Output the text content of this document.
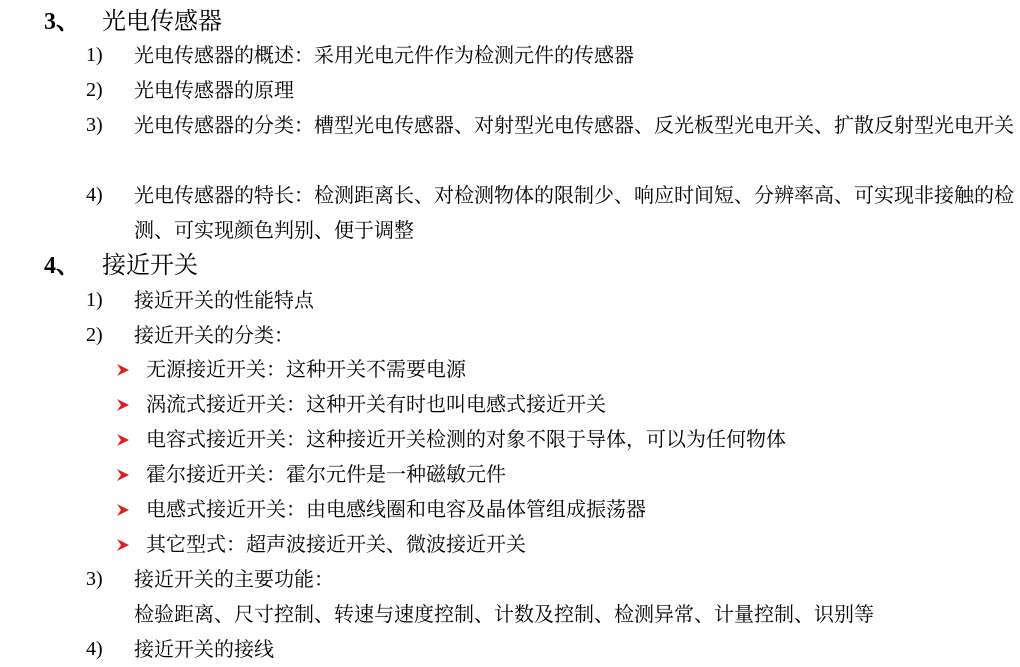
3、 光电传感器
1)	光电传感器的概述：采用光电元件作为检测元件的传感器
2)	光电传感器的原理
3)	光电传感器的分类：槽型光电传感器、对射型光电传感器、反光板型光电开关、扩散反射型光电开关
4)	光电传感器的特长：检测距离长、对检测物体的限制少、响应时间短、分辨率高、可实现非接触的检测、可实现颜色判别、便于调整
4、 接近开关
1)	接近开关的性能特点
2)	接近开关的分类：
无源接近开关：这种开关不需要电源
涡流式接近开关：这种开关有时也叫电感式接近开关
电容式接近开关：这种接近开关检测的对象不限于导体，可以为任何物体
霍尔接近开关：霍尔元件是一种磁敏元件
电感式接近开关：由电感线圈和电容及晶体管组成振荡器
其它型式：超声波接近开关、微波接近开关
3)	接近开关的主要功能：
检验距离、尺寸控制、转速与速度控制、计数及控制、检测异常、计量控制、识别等
4)	接近开关的接线
